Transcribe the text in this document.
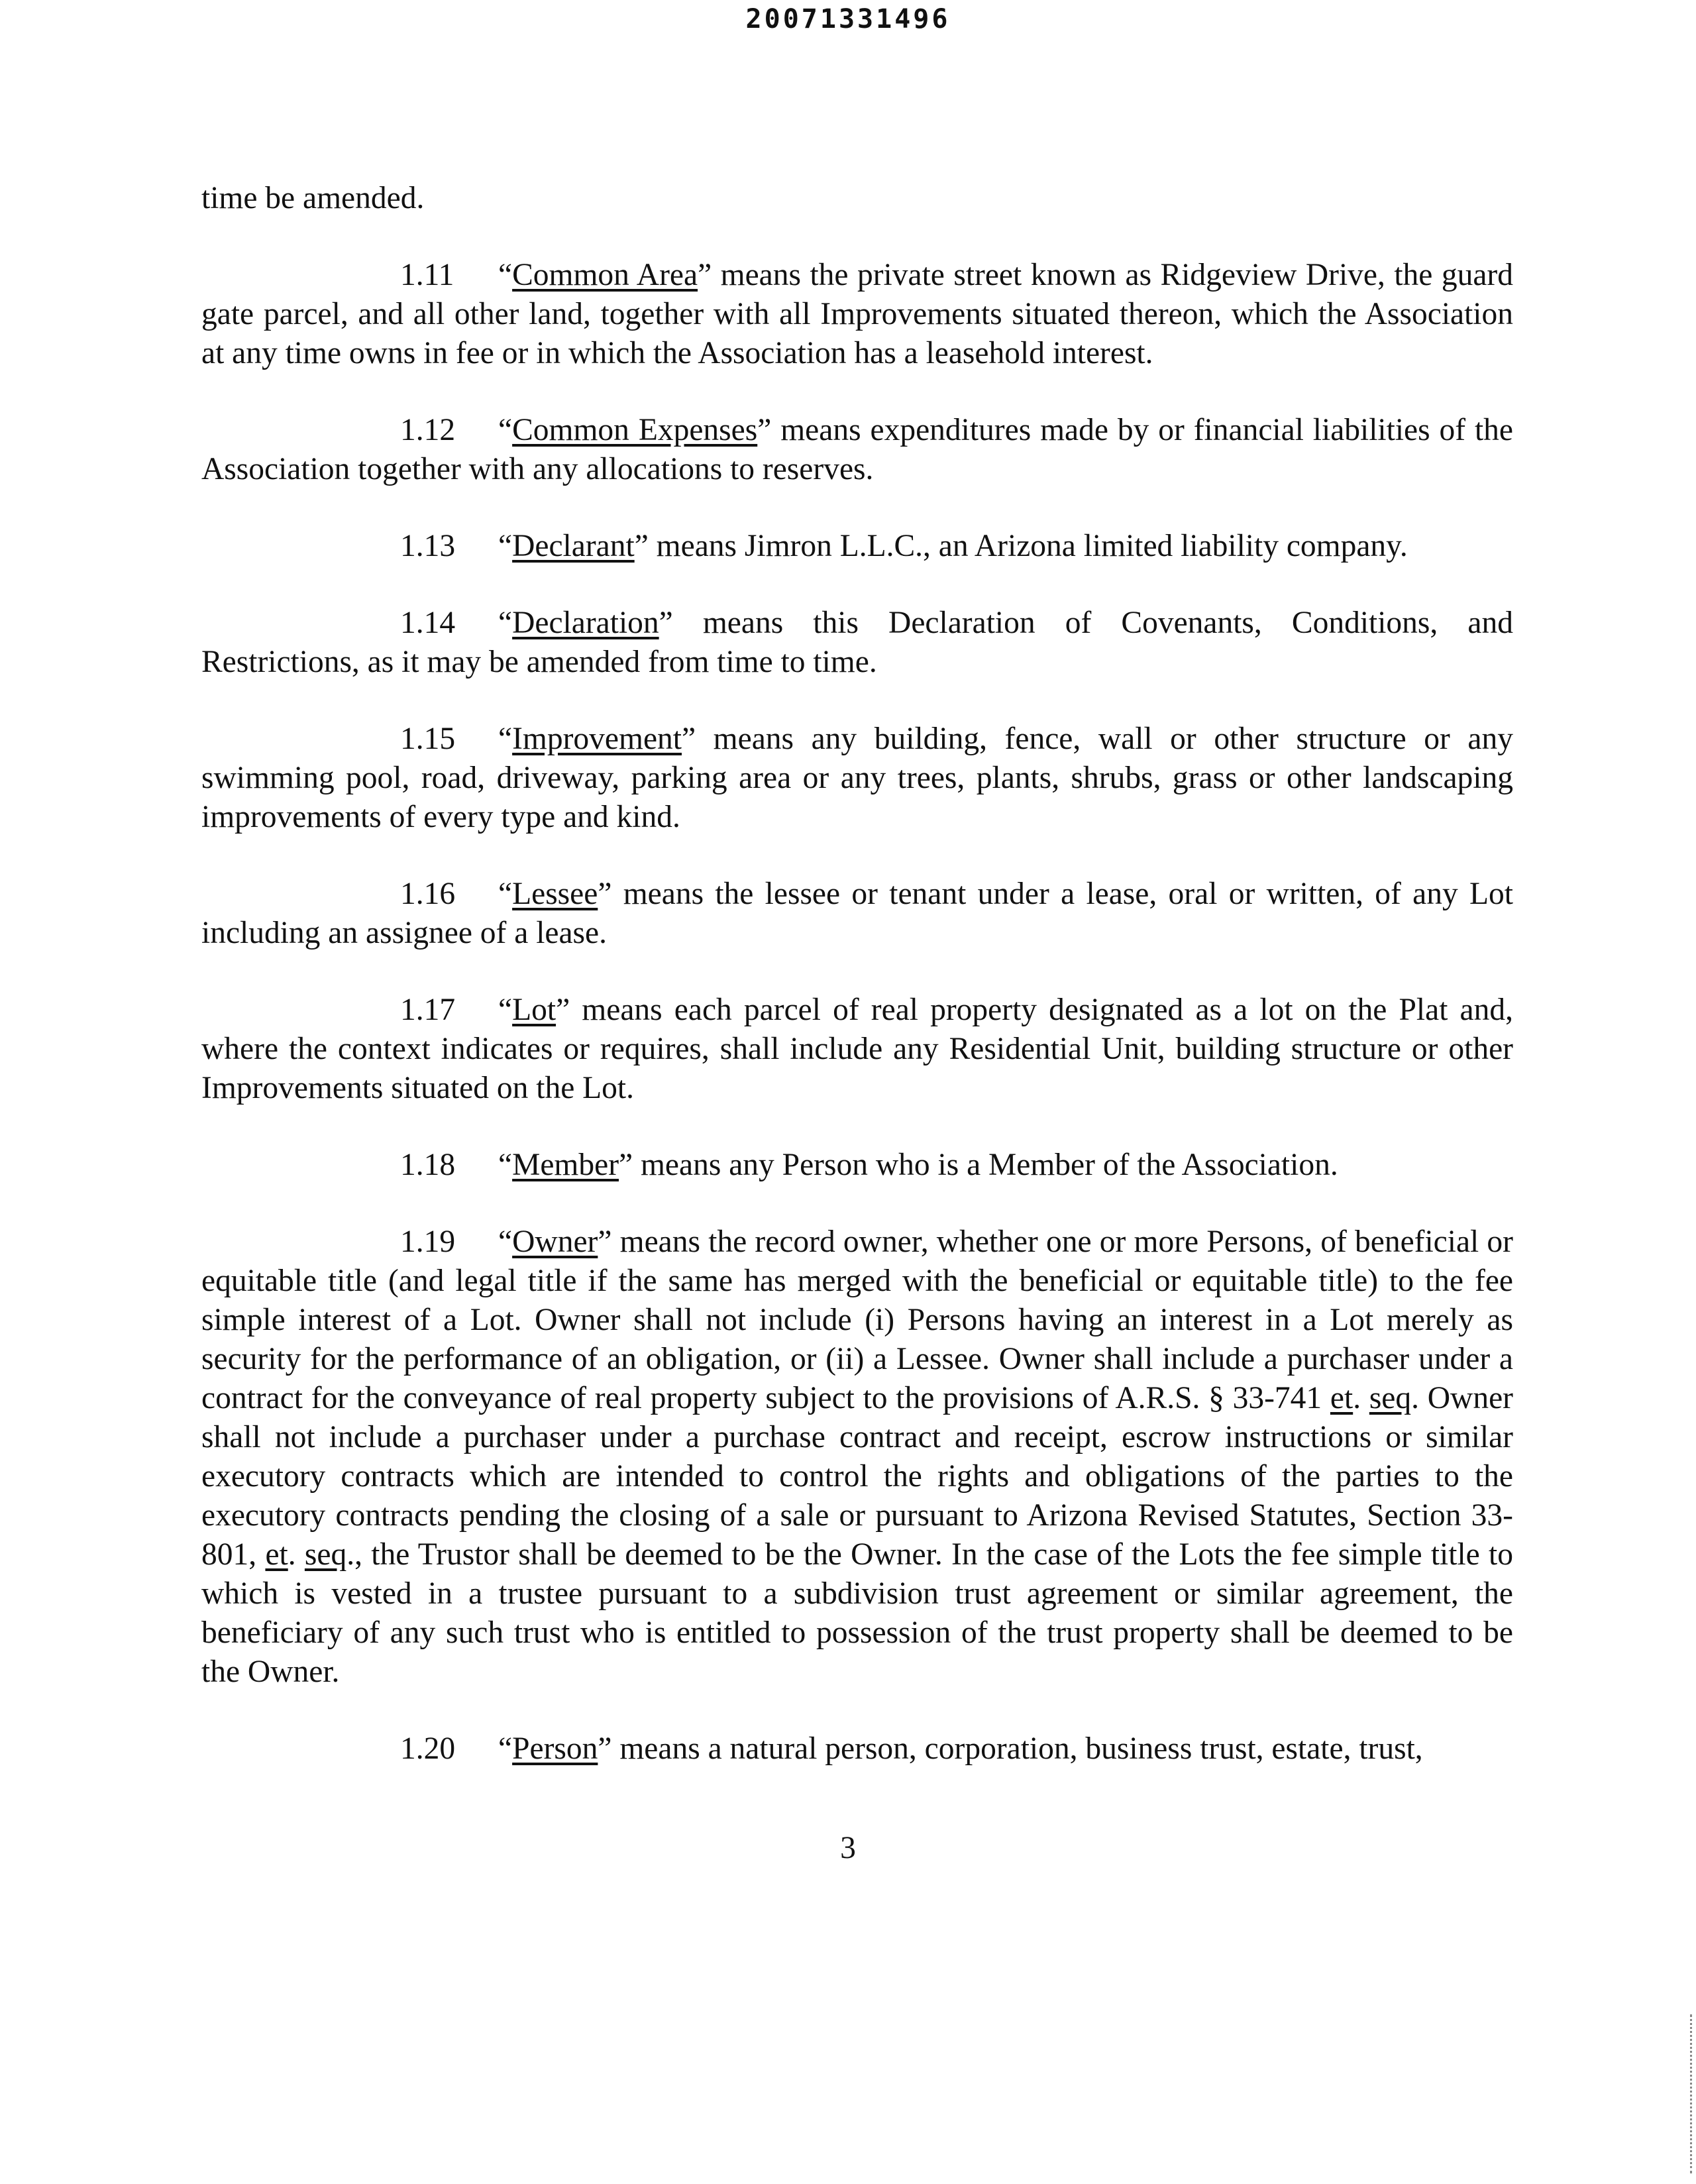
20071331496

time be amended.

1.11 “Common Area” means the private street known as Ridgeview Drive, the guard gate parcel, and all other land, together with all Improvements situated thereon, which the Association at any time owns in fee or in which the Association has a leasehold interest.

1.12 “Common Expenses” means expenditures made by or financial liabilities of the Association together with any allocations to reserves.

1.13 “Declarant” means Jimron L.L.C., an Arizona limited liability company.

1.14 “Declaration” means this Declaration of Covenants, Conditions, and Restrictions, as it may be amended from time to time.

1.15 “Improvement” means any building, fence, wall or other structure or any swimming pool, road, driveway, parking area or any trees, plants, shrubs, grass or other landscaping improvements of every type and kind.

1.16 “Lessee” means the lessee or tenant under a lease, oral or written, of any Lot including an assignee of a lease.

1.17 “Lot” means each parcel of real property designated as a lot on the Plat and, where the context indicates or requires, shall include any Residential Unit, building structure or other Improvements situated on the Lot.

1.18 “Member” means any Person who is a Member of the Association.

1.19 “Owner” means the record owner, whether one or more Persons, of beneficial or equitable title (and legal title if the same has merged with the beneficial or equitable title) to the fee simple interest of a Lot. Owner shall not include (i) Persons having an interest in a Lot merely as security for the performance of an obligation, or (ii) a Lessee. Owner shall include a purchaser under a contract for the conveyance of real property subject to the provisions of A.R.S. § 33-741 et. seq. Owner shall not include a purchaser under a purchase contract and receipt, escrow instructions or similar executory contracts which are intended to control the rights and obligations of the parties to the executory contracts pending the closing of a sale or pursuant to Arizona Revised Statutes, Section 33-801, et. seq., the Trustor shall be deemed to be the Owner. In the case of the Lots the fee simple title to which is vested in a trustee pursuant to a subdivision trust agreement or similar agreement, the beneficiary of any such trust who is entitled to possession of the trust property shall be deemed to be the Owner.

1.20 “Person” means a natural person, corporation, business trust, estate, trust,

3
